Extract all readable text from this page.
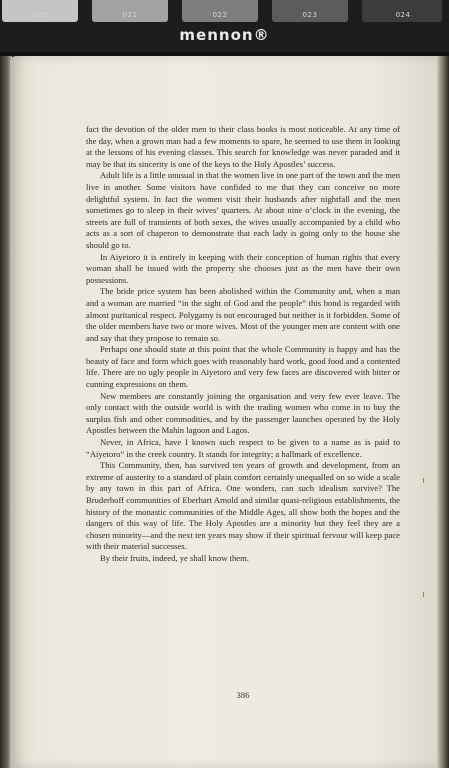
020	021	022	023	024
mennon®

fact the devotion of the older men to their class books is most noticeable. At any time of the day, when a grown man had a few moments to spare, he seemed to use them in looking at the lessons of his evening classes. This search for knowledge was never paraded and it may be that its sincerity is one of the keys to the Holy Apostles’ success.

Adult life is a little unusual in that the women live in one part of the town and the men live in another. Some visitors have confided to me that they can conceive no more delightful system. In fact the women visit their husbands after nightfall and the men sometimes go to sleep in their wives’ quarters. At about nine o’clock in the evening, the streets are full of transients of both sexes, the wives usually accompanied by a child who acts as a sort of chaperon to demonstrate that each lady is going only to the house she should go to.

In Aiyetoro it is entirely in keeping with their conception of human rights that every woman shall be issued with the property she chooses just as the men have their own possessions.

The bride price system has been abolished within the Community and, when a man and a woman are married “in the sight of God and the people” this bond is regarded with almost puritanical respect. Polygamy is not encouraged but neither is it forbidden. Some of the older members have two or more wives. Most of the younger men are content with one and say that they propose to remain so.

Perhaps one should state at this point that the whole Community is happy and has the beauty of face and form which goes with reasonably hard work, good food and a contented life. There are no ugly people in Aiyetoro and very few faces are discovered with bitter or cunning expressions on them.

New members are constantly joining the organisation and very few ever leave. The only contact with the outside world is with the trading women who come in to buy the surplus fish and other commodities, and by the passenger launches operated by the Holy Apostles between the Mahin lagoon and Lagos.

Never, in Africa, have I known such respect to be given to a name as is paid to “Aiyetoro” in the creek country. It stands for integrity; a hallmark of excellence.

This Community, then, has survived ten years of growth and development, from an extreme of austerity to a standard of plain comfort certainly unequalled on so wide a scale by any town in this part of Africa. One wonders, can such idealism survive? The Bruderhoff communities of Eberhart Arnold and similar quasi-religious establishments, the history of the monastic communities of the Middle Ages, all show both the hopes and the dangers of this way of life. The Holy Apostles are a minority but they feel they are a chosen minority—and the next ten years may show if their spiritual fervour will keep pace with their material successes.

By their fruits, indeed, ye shall know them.

386
